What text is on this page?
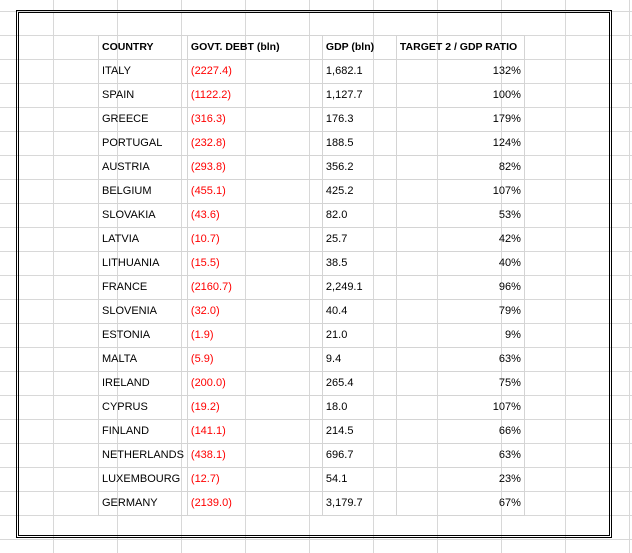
COUNTRY	GOVT. DEBT (bln)	GDP (bln)	TARGET 2 / GDP RATIO
ITALY	(2227.4)	1,682.1	132%
SPAIN	(1122.2)	1,127.7	100%
GREECE	(316.3)	176.3	179%
PORTUGAL	(232.8)	188.5	124%
AUSTRIA	(293.8)	356.2	82%
BELGIUM	(455.1)	425.2	107%
SLOVAKIA	(43.6)	82.0	53%
LATVIA	(10.7)	25.7	42%
LITHUANIA	(15.5)	38.5	40%
FRANCE	(2160.7)	2,249.1	96%
SLOVENIA	(32.0)	40.4	79%
ESTONIA	(1.9)	21.0	9%
MALTA	(5.9)	9.4	63%
IRELAND	(200.0)	265.4	75%
CYPRUS	(19.2)	18.0	107%
FINLAND	(141.1)	214.5	66%
NETHERLANDS	(438.1)	696.7	63%
LUXEMBOURG	(12.7)	54.1	23%
GERMANY	(2139.0)	3,179.7	67%
